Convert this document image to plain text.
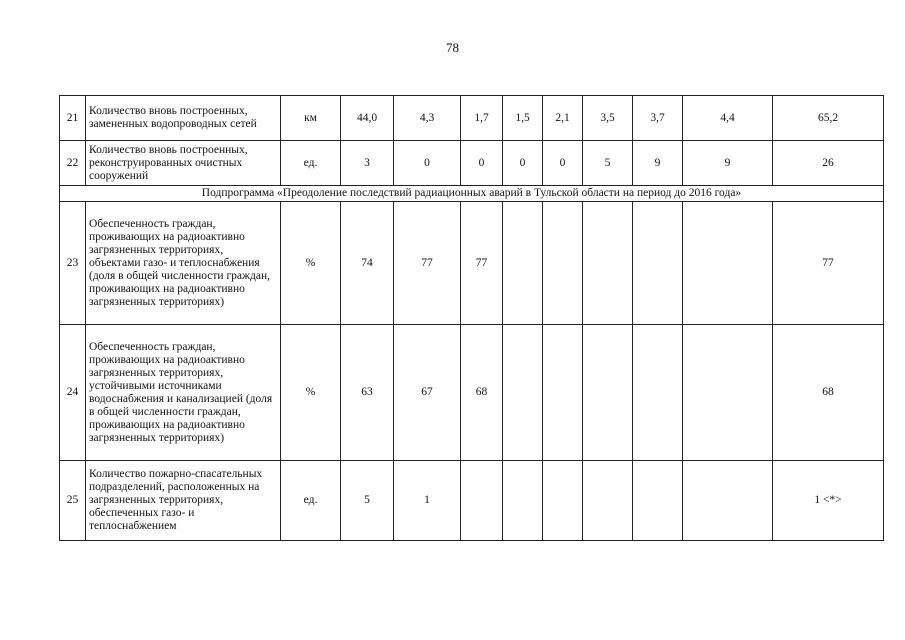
78
21	Количество вновь построенных, замененных водопроводных сетей	км	44,0	4,3	1,7	1,5	2,1	3,5	3,7	4,4	65,2
22	Количество вновь построенных, реконструированных очистных сооружений	ед.	3	0	0	0	0	5	9	9	26
Подпрограмма «Преодоление последствий радиационных аварий в Тульской области на период до 2016 года»											
23	Обеспеченность граждан, проживающих на радиоактивно загрязненных территориях, объектами газо- и теплоснабжения (доля в общей численности граждан, проживающих на радиоактивно загрязненных территориях)	%	74	77	77						77
24	Обеспеченность граждан, проживающих на радиоактивно загрязненных территориях, устойчивыми источниками водоснабжения и канализацией (доля в общей численности граждан, проживающих на радиоактивно загрязненных территориях)	%	63	67	68						68
25	Количество пожарно-спасательных подразделений, расположенных на загрязненных территориях, обеспеченных газо- и теплоснабжением	ед.	5	1							1 <*>
